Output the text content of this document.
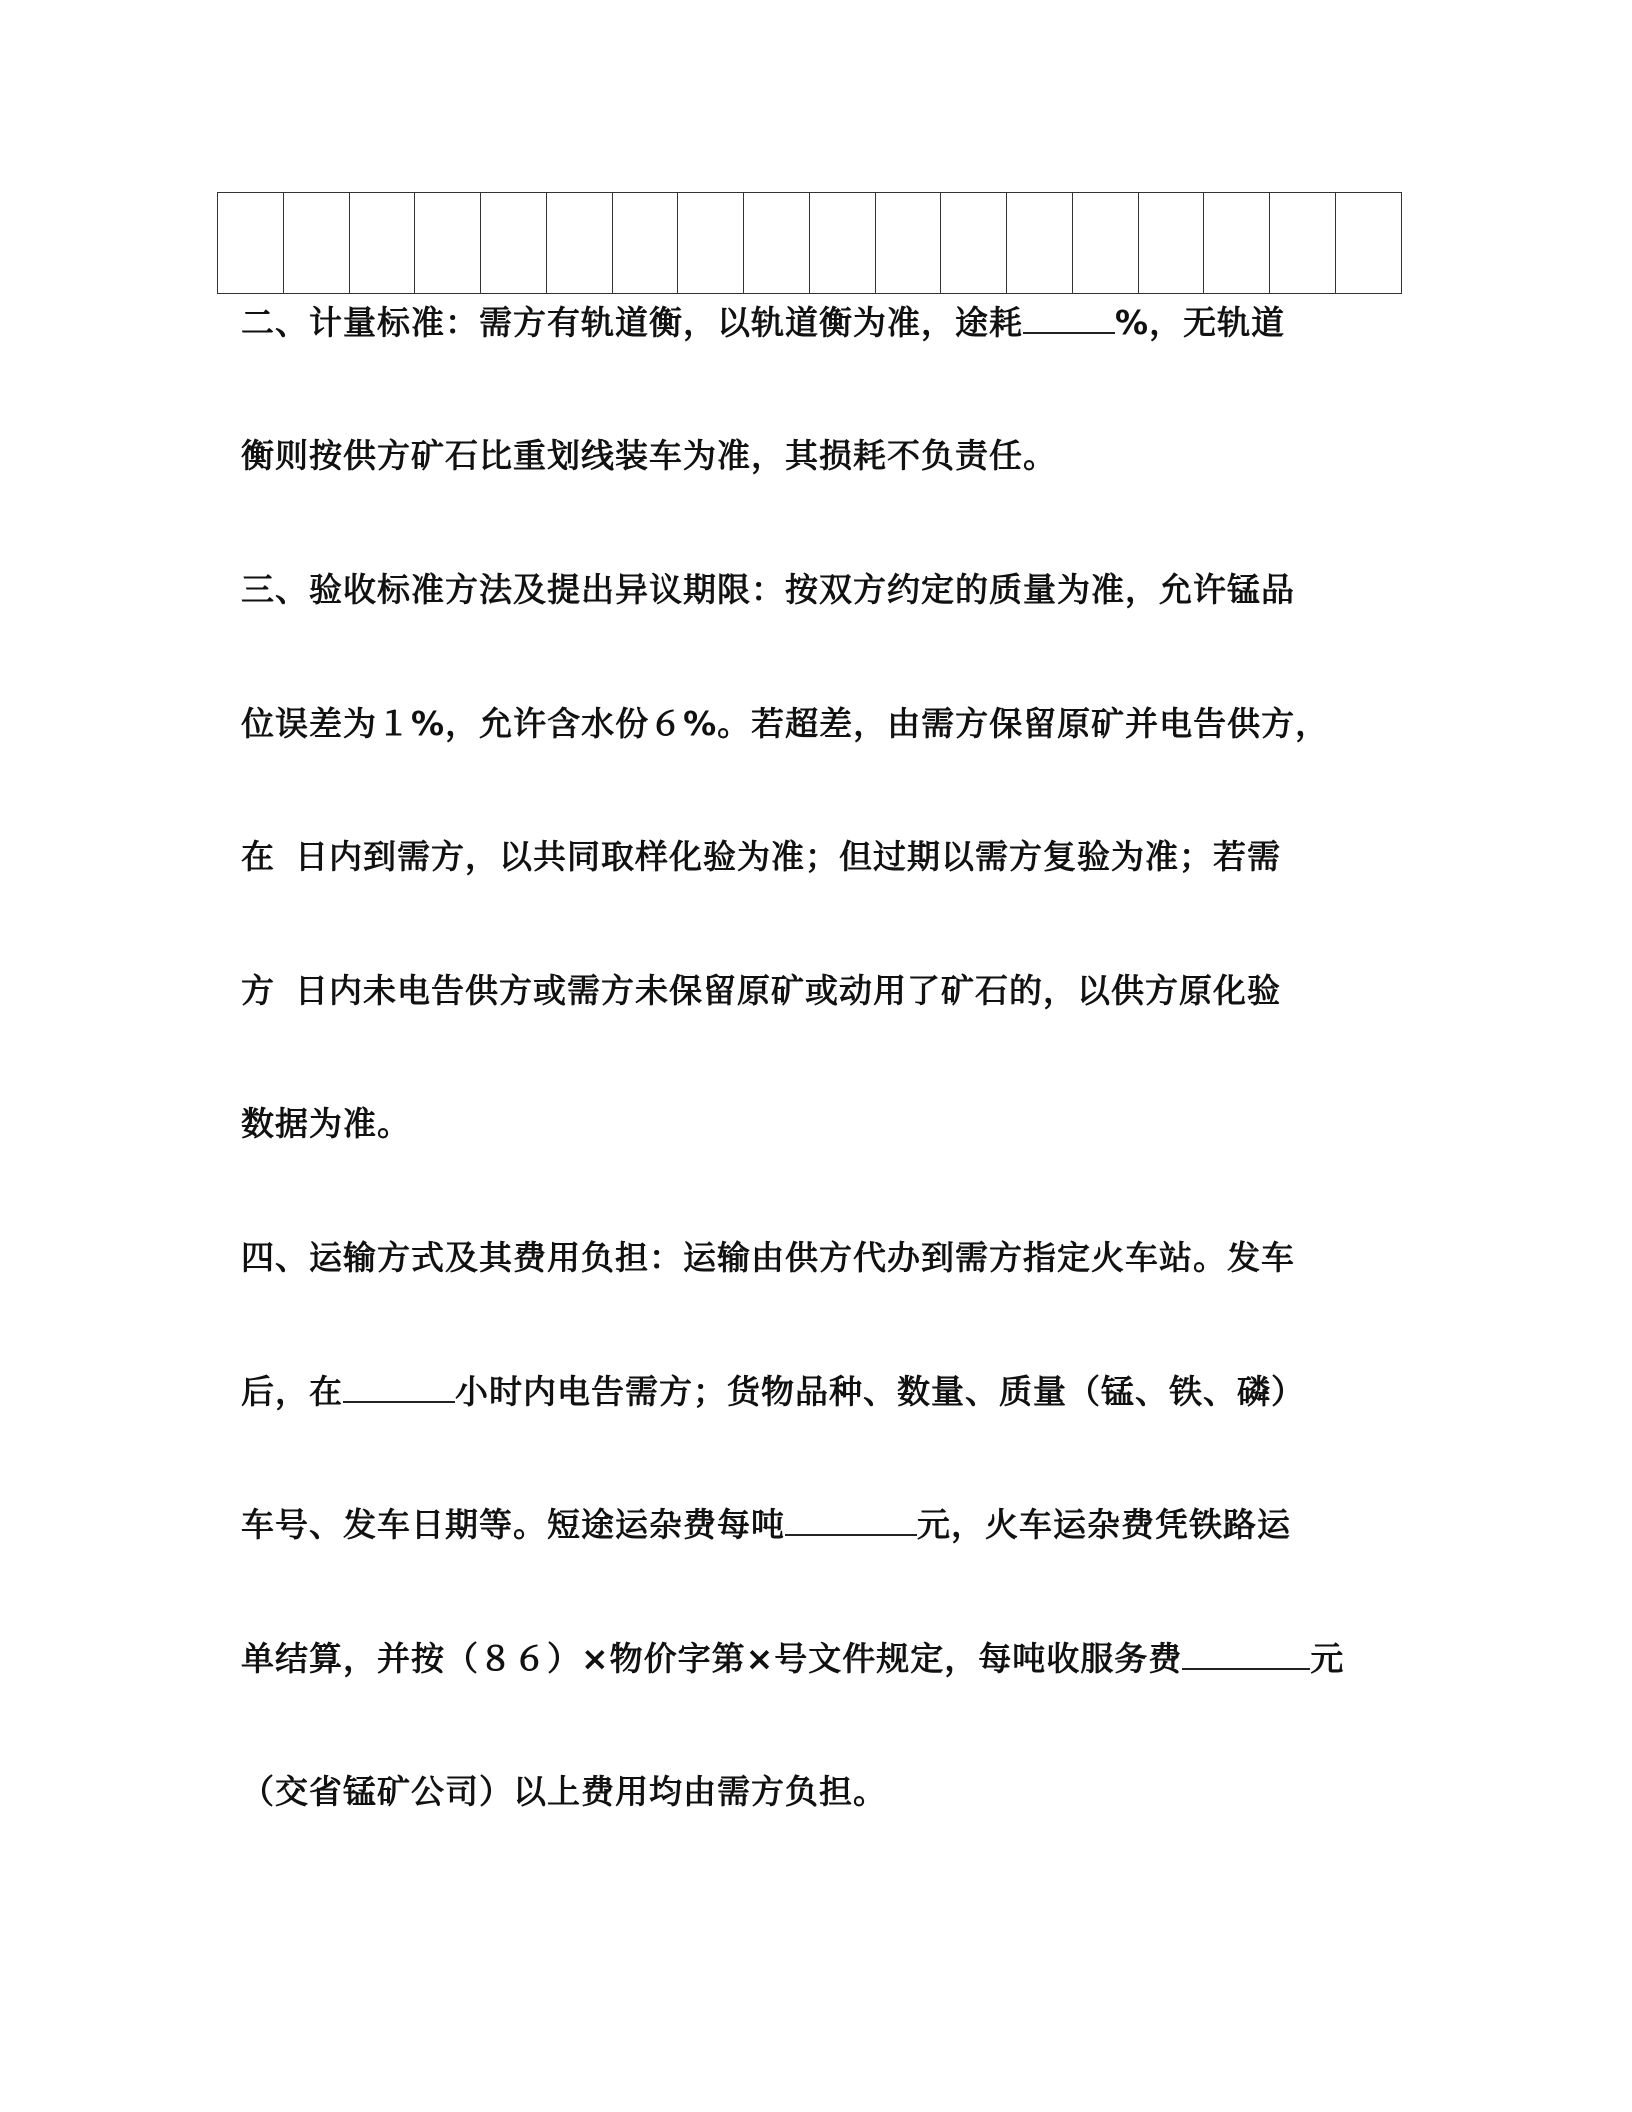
二、计量标准：需方有轨道衡，以轨道衡为准，途耗	%，无轨道
衡则按供方矿石比重划线装车为准，其损耗不负责任。
三、验收标准方法及提出异议期限：按双方约定的质量为准，允许锰品
位误差为１%，允许含水份６%。若超差，由需方保留原矿并电告供方，
在 日内到需方，以共同取样化验为准；但过期以需方复验为准；若需
方 日内未电告供方或需方未保留原矿或动用了矿石的，以供方原化验
数据为准。
四、运输方式及其费用负担：运输由供方代办到需方指定火车站。发车
后，在	小时内电告需方；货物品种、数量、质量（锰、铁、磷）
车号、发车日期等。短途运杂费每吨	元，火车运杂费凭铁路运
单结算，并按（８６）×物价字第×号文件规定，每吨收服务费	元
（交省锰矿公司）以上费用均由需方负担。
